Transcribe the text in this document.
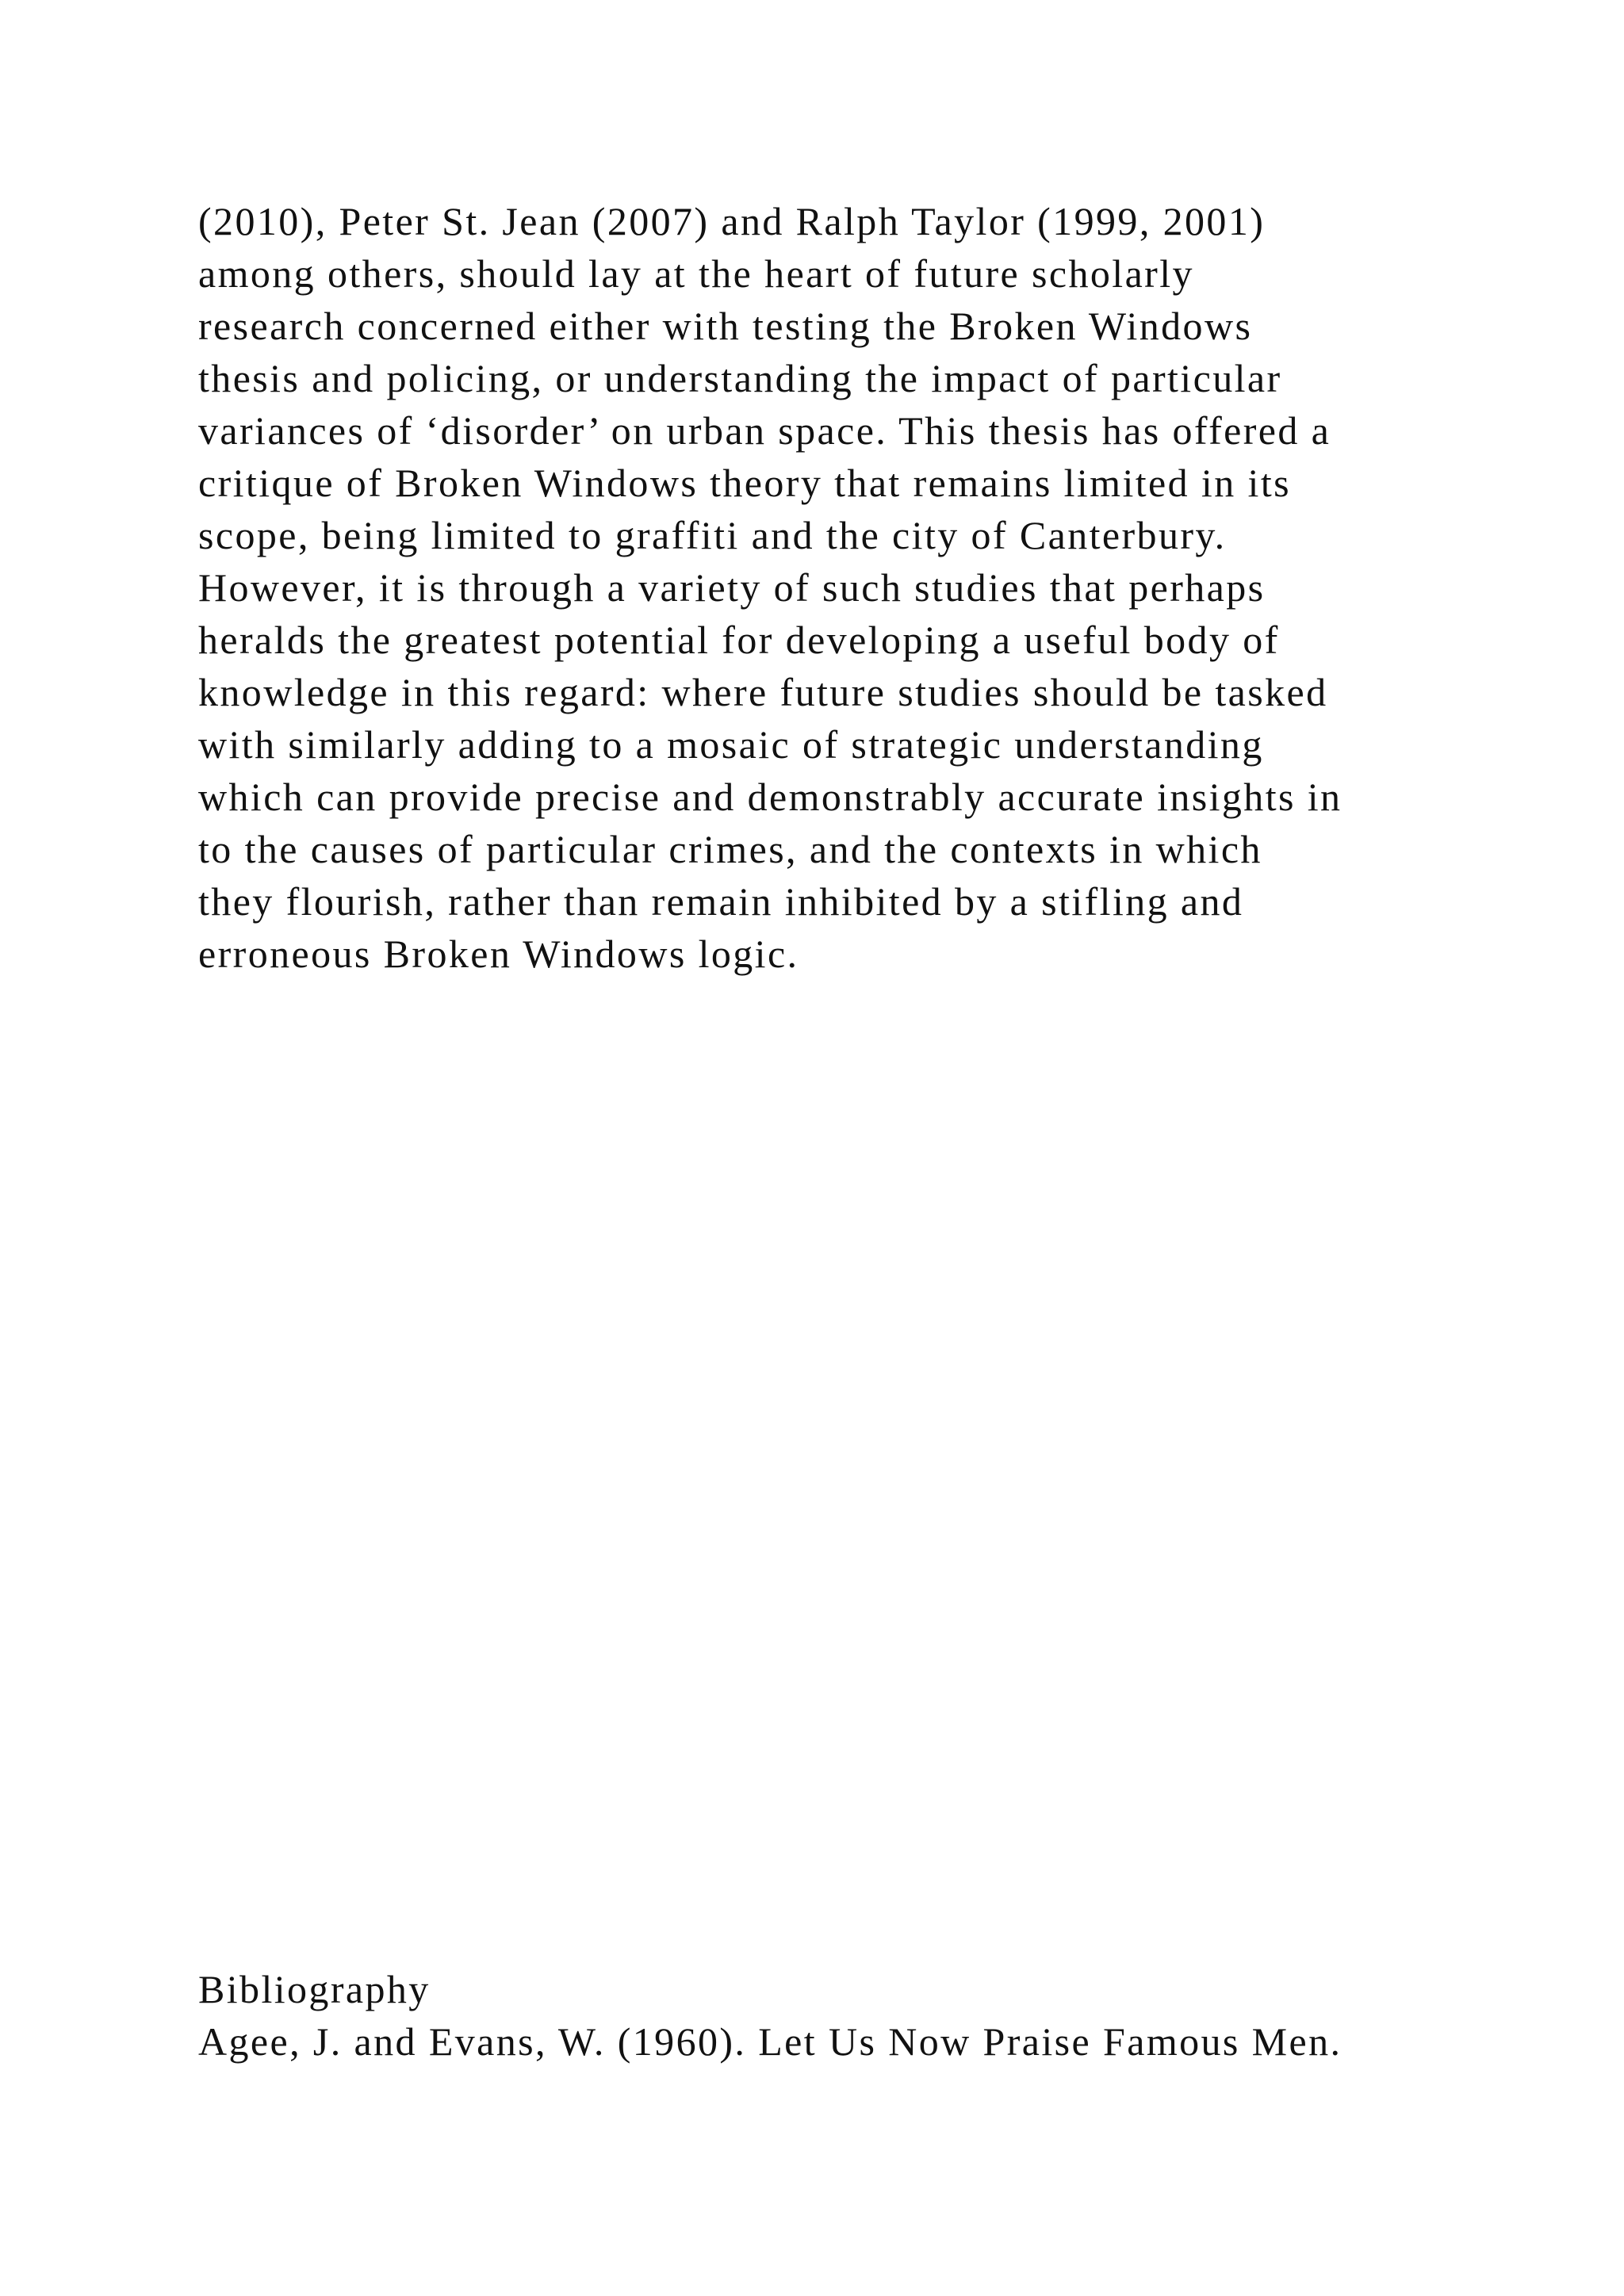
(2010), Peter St. Jean (2007) and Ralph Taylor (1999, 2001)

among others, should lay at the heart of future scholarly

research concerned either with testing the Broken Windows

thesis and policing, or understanding the impact of particular

variances of ‘disorder’ on urban space. This thesis has offered a

critique of Broken Windows theory that remains limited in its

scope, being limited to graffiti and the city of Canterbury.

However, it is through a variety of such studies that perhaps

heralds the greatest potential for developing a useful body of

knowledge in this regard: where future studies should be tasked

with similarly adding to a mosaic of strategic understanding

which can provide precise and demonstrably accurate insights in

to the causes of particular crimes, and the contexts in which

they flourish, rather than remain inhibited by a stifling and

erroneous Broken Windows logic.

Bibliography

Agee, J. and Evans, W. (1960). Let Us Now Praise Famous Men.
